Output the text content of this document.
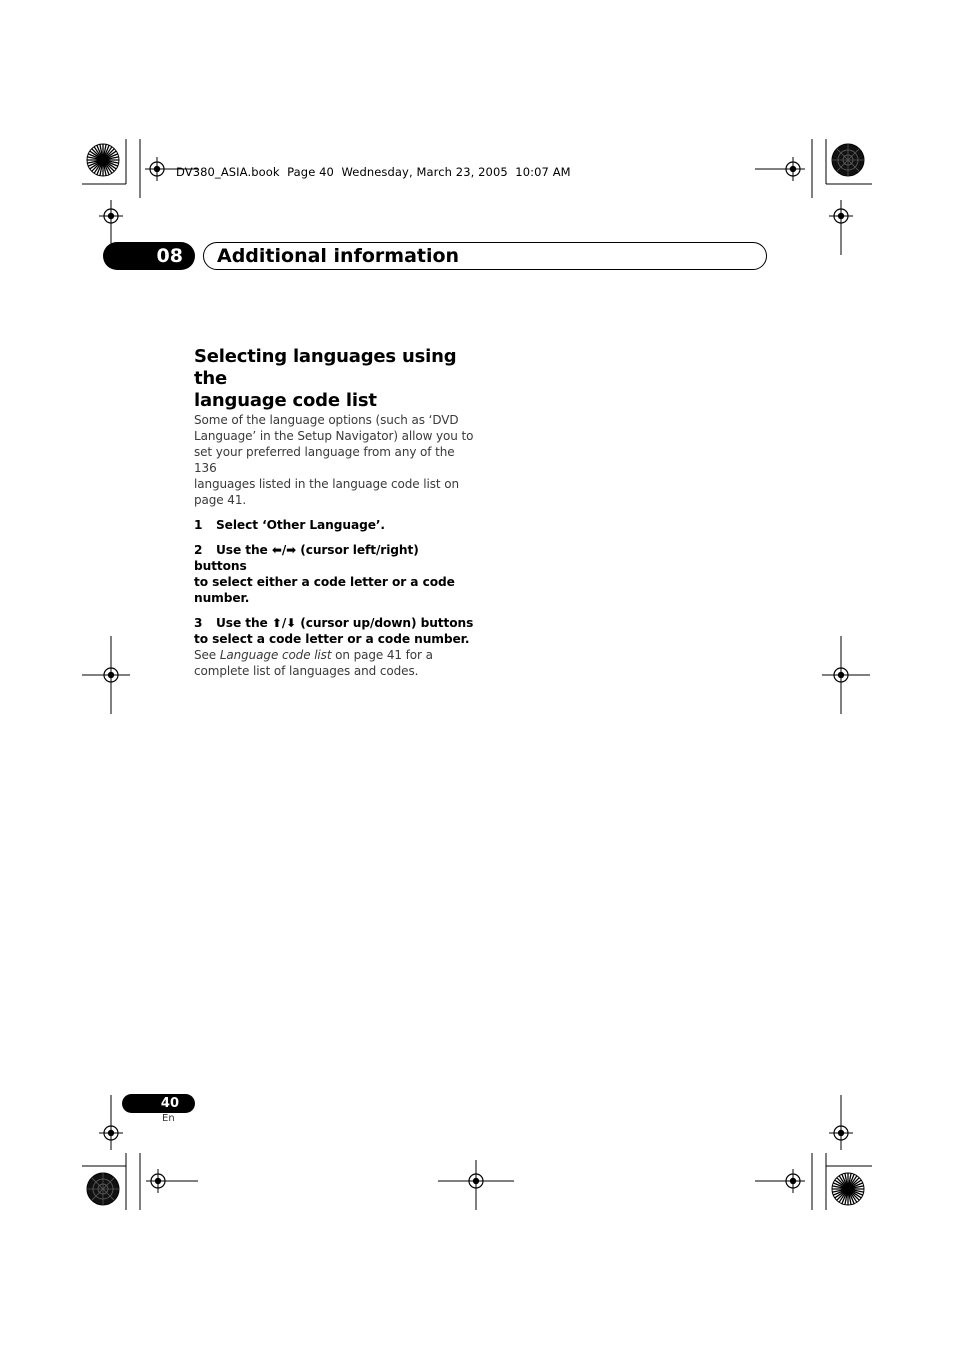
DV380_ASIA.book  Page 40  Wednesday, March 23, 2005  10:07 AM
08 Additional information
Selecting languages using the
language code list

Some of the language options (such as ‘DVD
Language’ in the Setup Navigator) allow you to
set your preferred language from any of the 136
languages listed in the language code list on
page 41.

1 Select ‘Other Language’.

2 Use the ⬅/➡ (cursor left/right) buttons
to select either a code letter or a code
number.

3 Use the ⬆/⬇ (cursor up/down) buttons
to select a code letter or a code number.

See Language code list on page 41 for a
complete list of languages and codes.

40
En
